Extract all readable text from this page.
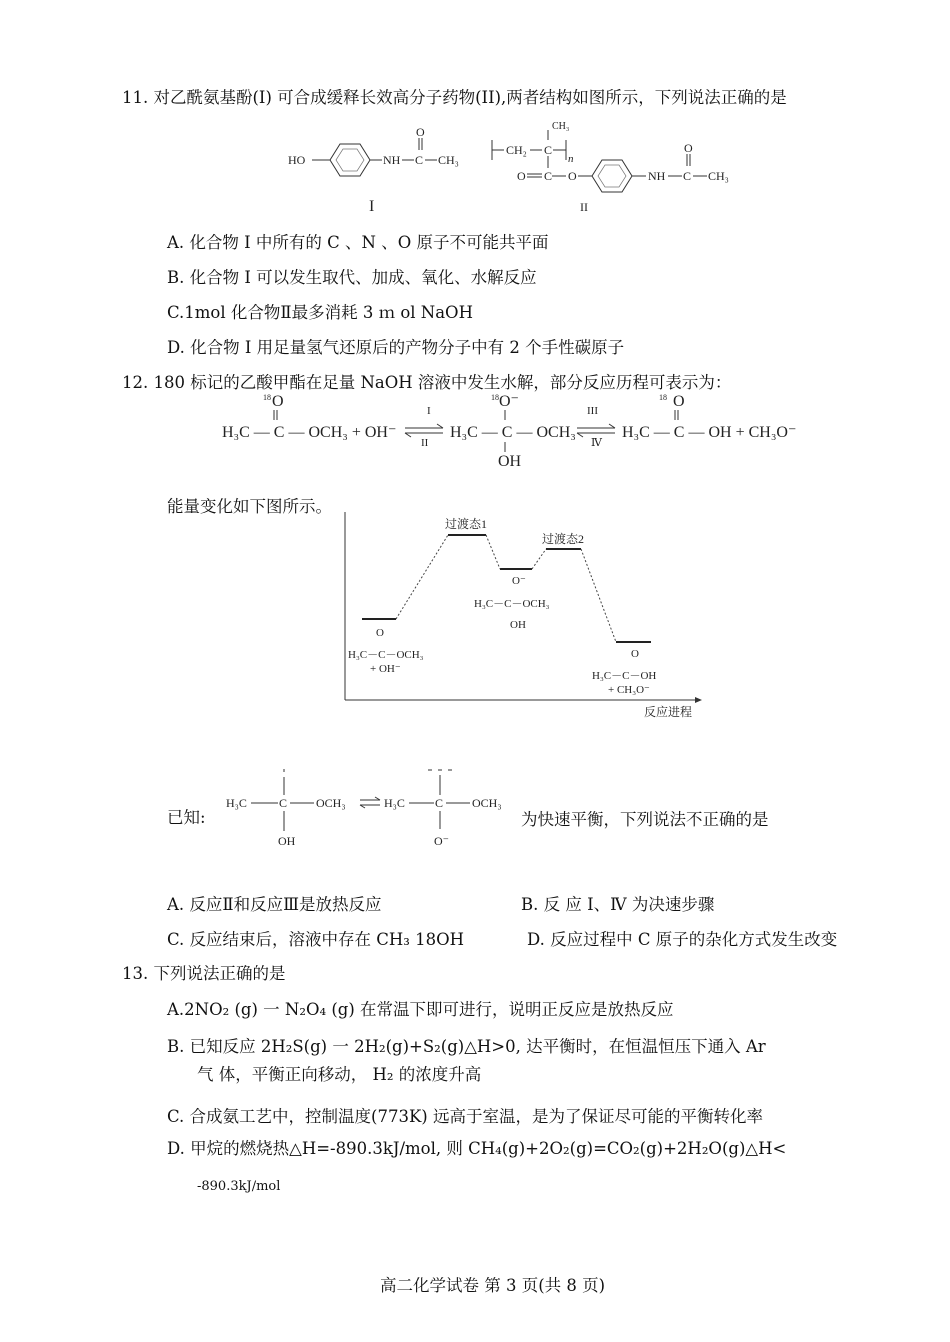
11. 对乙酰氨基酚(I) 可合成缓释长效高分子药物(II),两者结构如图所示，下列说法正确的是
HO	NH C
O
CH₃
I
CH₂ C
CH₃
n
O C O	NH C
O
CH₃
II
A. 化合物 I 中所有的 C 、N 、O 原子不可能共平面
B. 化合物 I 可以发生取代、加成、氧化、水解反应
C.1mol 化合物Ⅱ最多消耗 3 ｍ ol NaOH
D. 化合物 I 用足量氢气还原后的产物分子中有 2 个手性碳原子
12. 180 标记的乙酸甲酯在足量 NaOH 溶液中发生水解，部分反应历程可表示为：
18 O
H₃C — C — OCH₃ + OH⁻
I
II
18 O⁻
H₃C — C — OCH₃
OH
III
Ⅳ
18 O
H₃C — C — OH + CH₃O⁻
能量变化如下图所示。
反应进程
过渡态1
过渡态2
O
H₃C－C－OCH₃
+ OH⁻
O⁻
H₃C－C－OCH₃
OH
O
H₃C－C－OH
+ CH₃O⁻
已知:
H₃C	C OCH₃
OH
H₃C	C OCH₃
O⁻
为快速平衡，下列说法不正确的是
A. 反应Ⅱ和反应Ⅲ是放热反应	B. 反 应 I、Ⅳ 为决速步骤
C. 反应结束后，溶液中存在 CH₃ 18OH	D. 反应过程中 C 原子的杂化方式发生改变
13. 下列说法正确的是
A.2NO₂ (g) 一 N₂O₄ (g) 在常温下即可进行，说明正反应是放热反应
B. 已知反应 2H₂S(g) 一 2H₂(g)+S₂(g)△H>0, 达平衡时，在恒温恒压下通入 Ar
气 体，平衡正向移动， H₂ 的浓度升高
C. 合成氨工艺中，控制温度(773K) 远高于室温，是为了保证尽可能的平衡转化率
D. 甲烷的燃烧热△H=-890.3kJ/mol, 则 CH₄(g)+2O₂(g)=CO₂(g)+2H₂O(g)△H<
-890.3kJ/mol
高二化学试卷 第 3 页(共 8 页)
